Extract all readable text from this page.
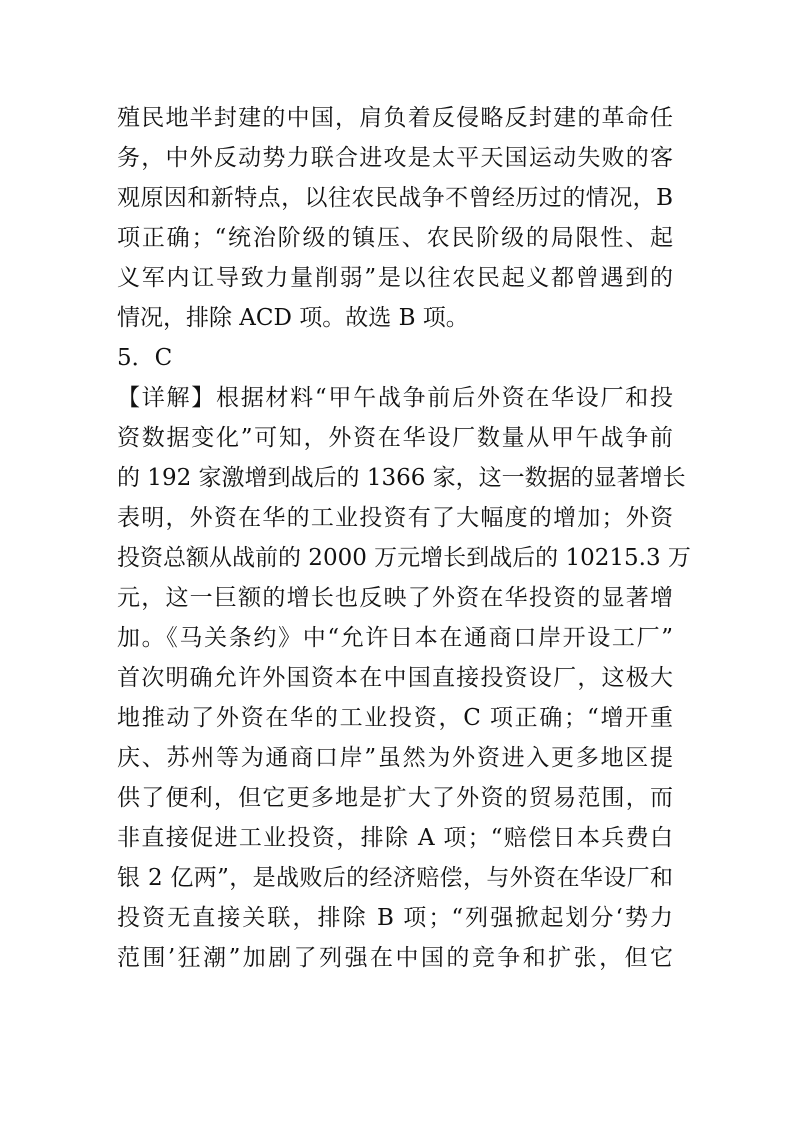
殖民地半封建的中国，肩负着反侵略反封建的革命任
务，中外反动势力联合进攻是太平天国运动失败的客
观原因和新特点，以往农民战争不曾经历过的情况，B
项正确；“统治阶级的镇压、农民阶级的局限性、起
义军内讧导致力量削弱”是以往农民起义都曾遇到的
情况，排除 ACD 项。故选 B 项。
5．C
【详解】根据材料“甲午战争前后外资在华设厂和投
资数据变化”可知，外资在华设厂数量从甲午战争前
的 192 家激增到战后的 1366 家，这一数据的显著增长
表明，外资在华的工业投资有了大幅度的增加；外资
投资总额从战前的 2000 万元增长到战后的 10215.3 万
元，这一巨额的增长也反映了外资在华投资的显著增
加。《马关条约》中“允许日本在通商口岸开设工厂”
首次明确允许外国资本在中国直接投资设厂，这极大
地推动了外资在华的工业投资，C 项正确；“增开重
庆、苏州等为通商口岸”虽然为外资进入更多地区提
供了便利，但它更多地是扩大了外资的贸易范围，而
非直接促进工业投资，排除 A 项；“赔偿日本兵费白
银 2 亿两”，是战败后的经济赔偿，与外资在华设厂和
投资无直接关联，排除 B 项；“列强掀起划分‘势力
范围’狂潮”加剧了列强在中国的竞争和扩张，但它
